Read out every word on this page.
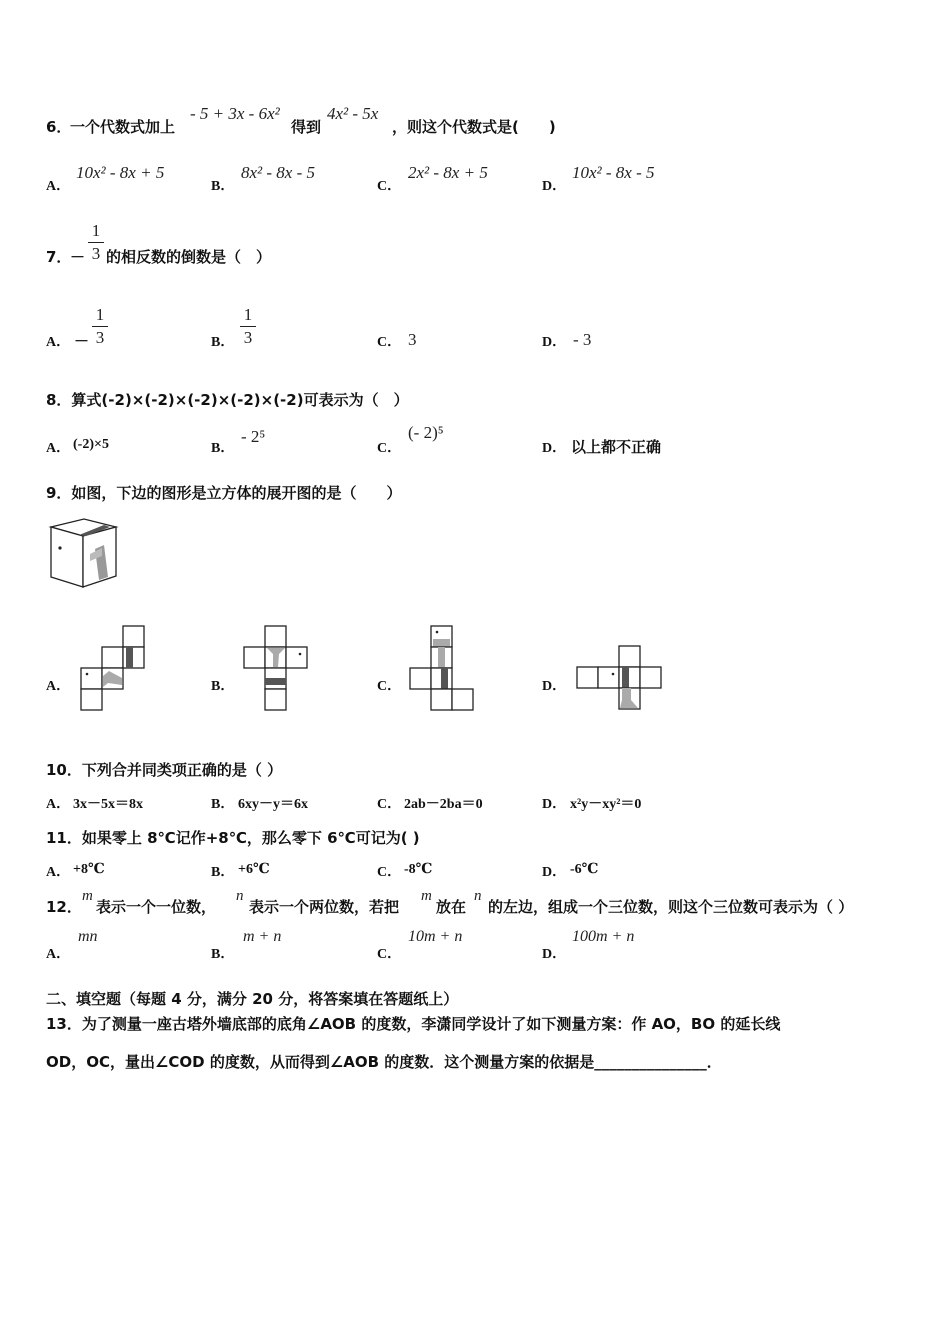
6．
一个代数式加上
- 5 + 3x - 6x²
得到
4x² - 5x
，则这个代数式是(　　)
A．
10x² - 8x + 5
B．
8x² - 8x - 5
C．
2x² - 8x + 5
D．
10x² - 8x - 5
7．
－
1
3 的相反数的倒数是（　）
A． －
1
3	B．
1
3	C． 3	D． - 3
8．算式(-2)×(-2)×(-2)×(-2)×(-2)可表示为（　）
A． (-2)×5	B．
- 2⁵
C．
(- 2)⁵
D． 以上都不正确
9．如图，下边的图形是立方体的展开图的是（　　）
A．	B．	C．	D．
10．下列合并同类项正确的是（ ）
A． 3x－5x＝8x	B． 6xy－y＝6x	C． 2ab－2ba＝0	D． x²y－xy²＝0
11．如果零上 8℃记作+8℃，那么零下 6℃可记为( )
A． +8℃	B． +6℃	C． -8℃	D． -6℃
12．
m
表示一个一位数，
n
表示一个两位数，若把
m
放在
n
的左边，组成一个三位数，则这个三位数可表示为（ ）
A．
mn
B．
m + n
C．
10m + n
D．
100m + n
二、填空题（每题 4 分，满分 20 分，将答案填在答题纸上）
13．为了测量一座古塔外墙底部的底角∠AOB 的度数，李潇同学设计了如下测量方案：作 AO，BO 的延长线
OD，OC，量出∠COD 的度数，从而得到∠AOB 的度数．这个测量方案的依据是_______________．
